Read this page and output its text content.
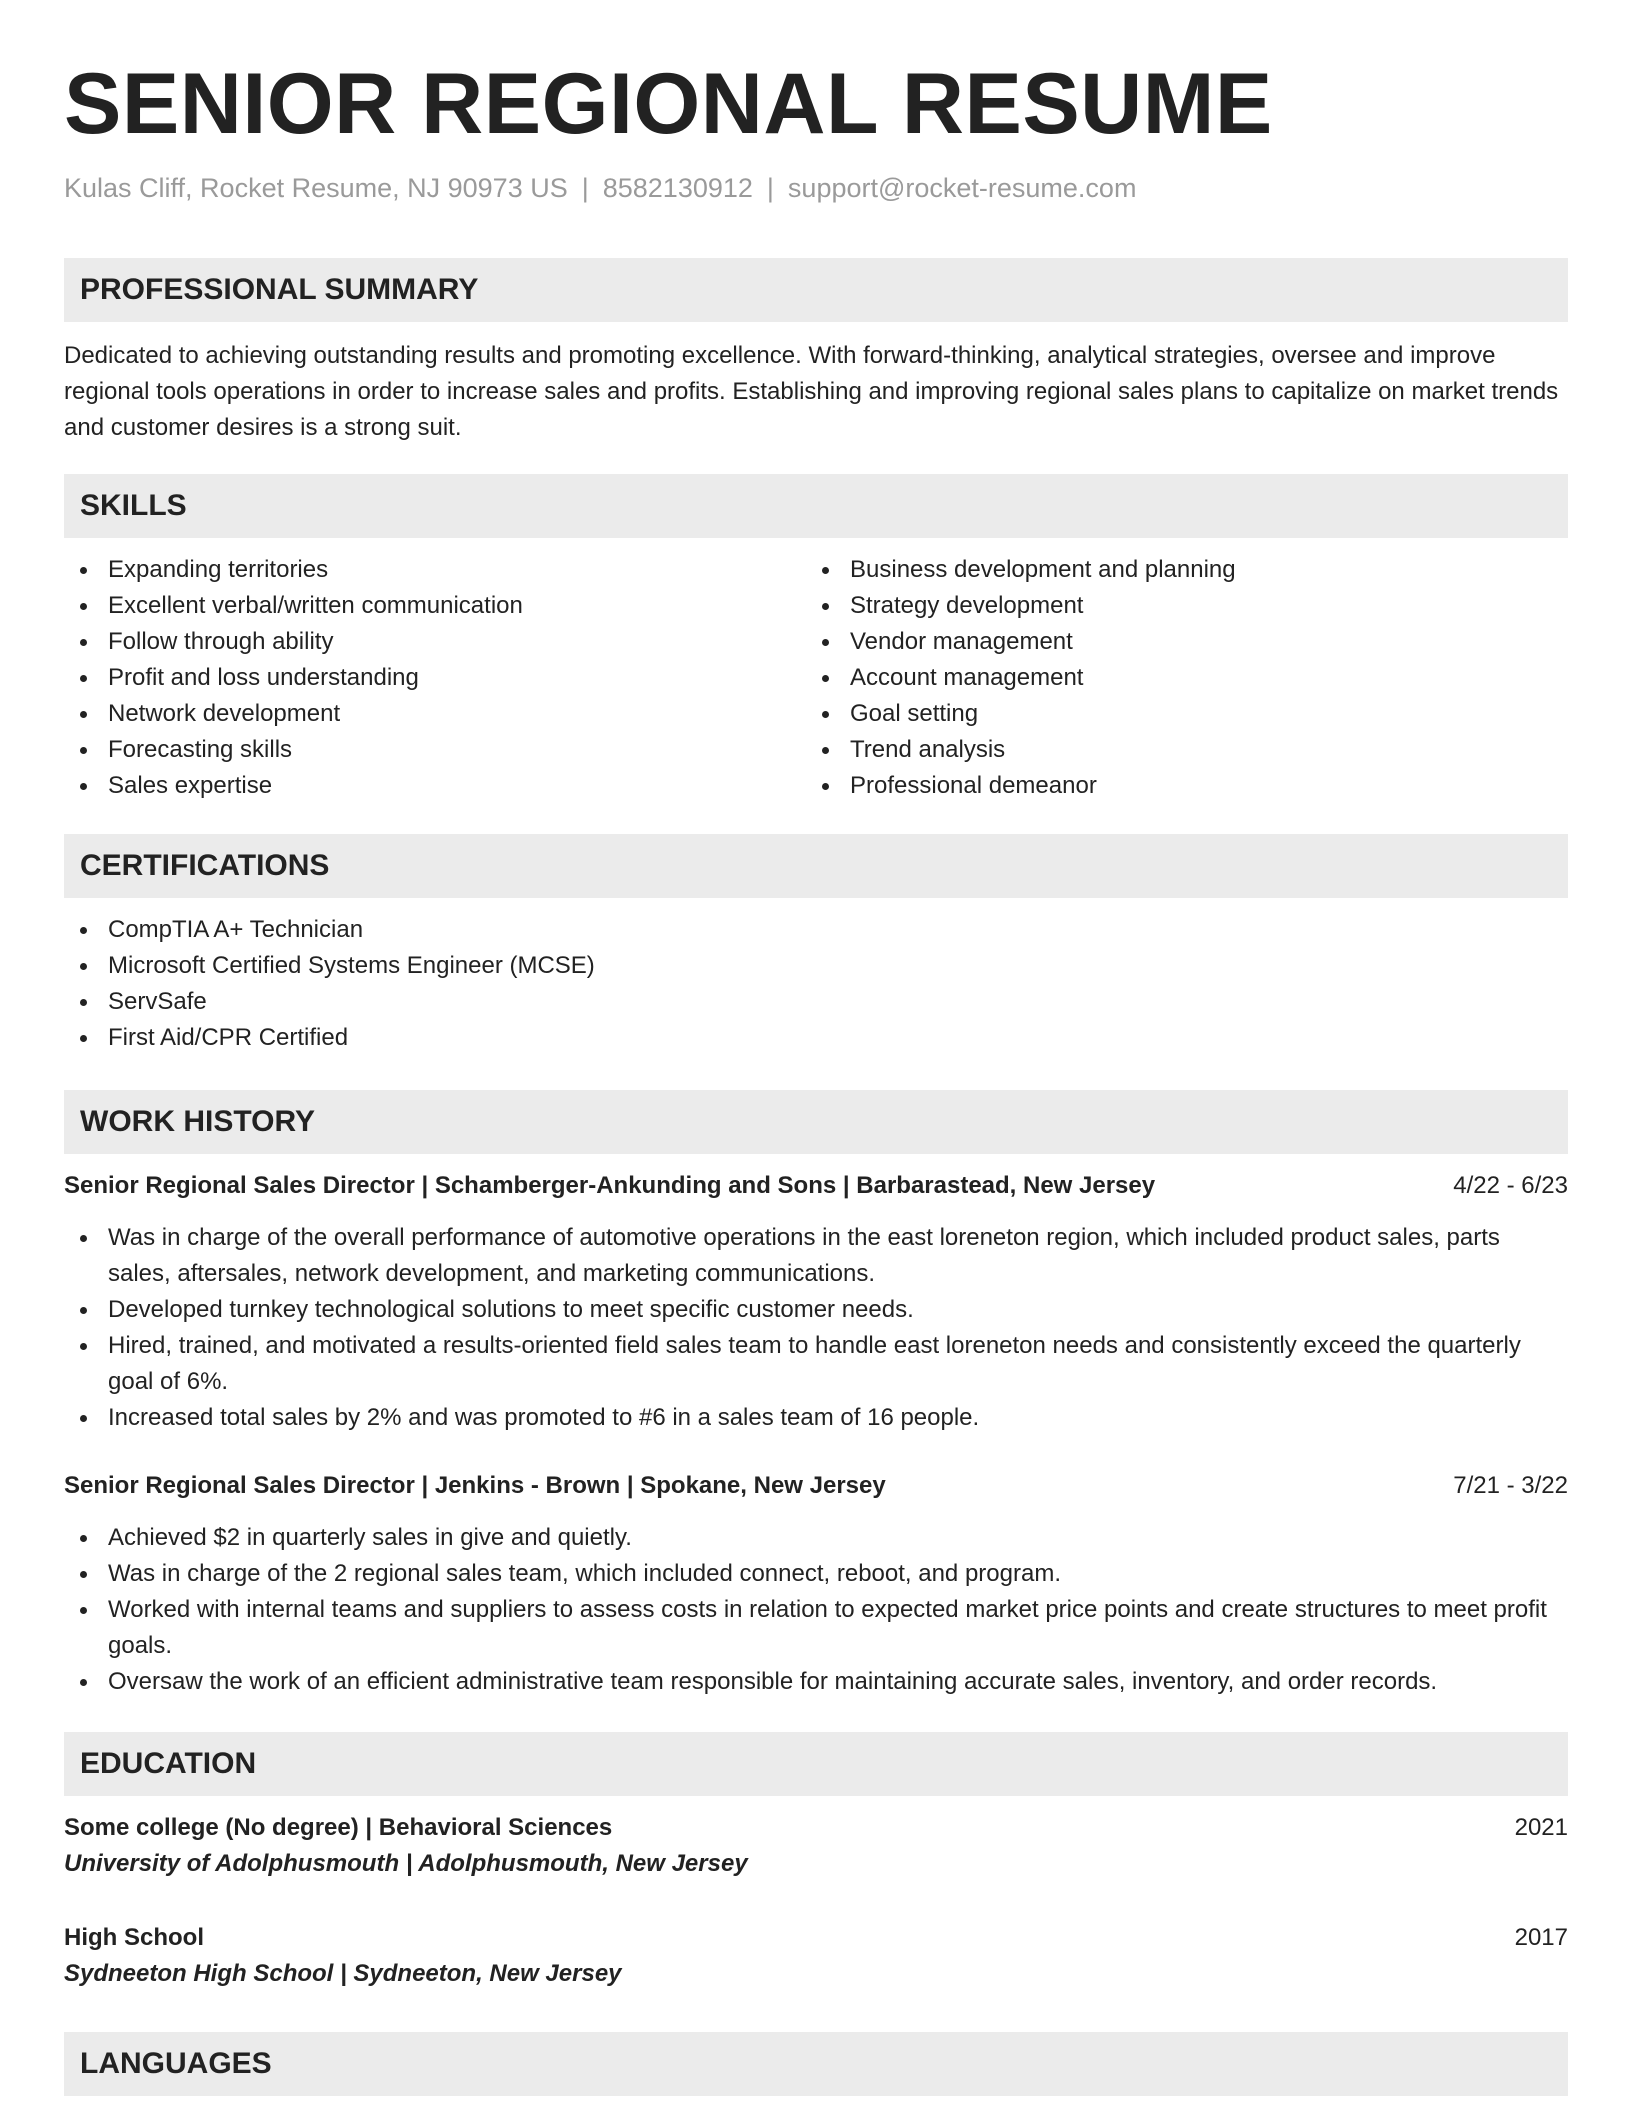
SENIOR REGIONAL RESUME
Kulas Cliff, Rocket Resume, NJ 90973 US | 8582130912 | support@rocket-resume.com
PROFESSIONAL SUMMARY

Dedicated to achieving outstanding results and promoting excellence. With forward-thinking, analytical strategies, oversee and improve regional tools operations in order to increase sales and profits. Establishing and improving regional sales plans to capitalize on market trends and customer desires is a strong suit.

SKILLS
Expanding territories
Excellent verbal/written communication
Follow through ability
Profit and loss understanding
Network development
Forecasting skills
Sales expertise
Business development and planning
Strategy development
Vendor management
Account management
Goal setting
Trend analysis
Professional demeanor
CERTIFICATIONS
CompTIA A+ Technician
Microsoft Certified Systems Engineer (MCSE)
ServSafe
First Aid/CPR Certified
WORK HISTORY
Senior Regional Sales Director | Schamberger-Ankunding and Sons | Barbarastead, New Jersey	4/22 - 6/23
Was in charge of the overall performance of automotive operations in the east loreneton region, which included product sales, parts sales, aftersales, network development, and marketing communications.
Developed turnkey technological solutions to meet specific customer needs.
Hired, trained, and motivated a results-oriented field sales team to handle east loreneton needs and consistently exceed the quarterly goal of 6%.
Increased total sales by 2% and was promoted to #6 in a sales team of 16 people.
Senior Regional Sales Director | Jenkins - Brown | Spokane, New Jersey	7/21 - 3/22
Achieved $2 in quarterly sales in give and quietly.
Was in charge of the 2 regional sales team, which included connect, reboot, and program.
Worked with internal teams and suppliers to assess costs in relation to expected market price points and create structures to meet profit goals.
Oversaw the work of an efficient administrative team responsible for maintaining accurate sales, inventory, and order records.
EDUCATION
Some college (No degree) | Behavioral Sciences	2021
University of Adolphusmouth | Adolphusmouth, New Jersey
High School	2017
Sydneeton High School | Sydneeton, New Jersey
LANGUAGES
